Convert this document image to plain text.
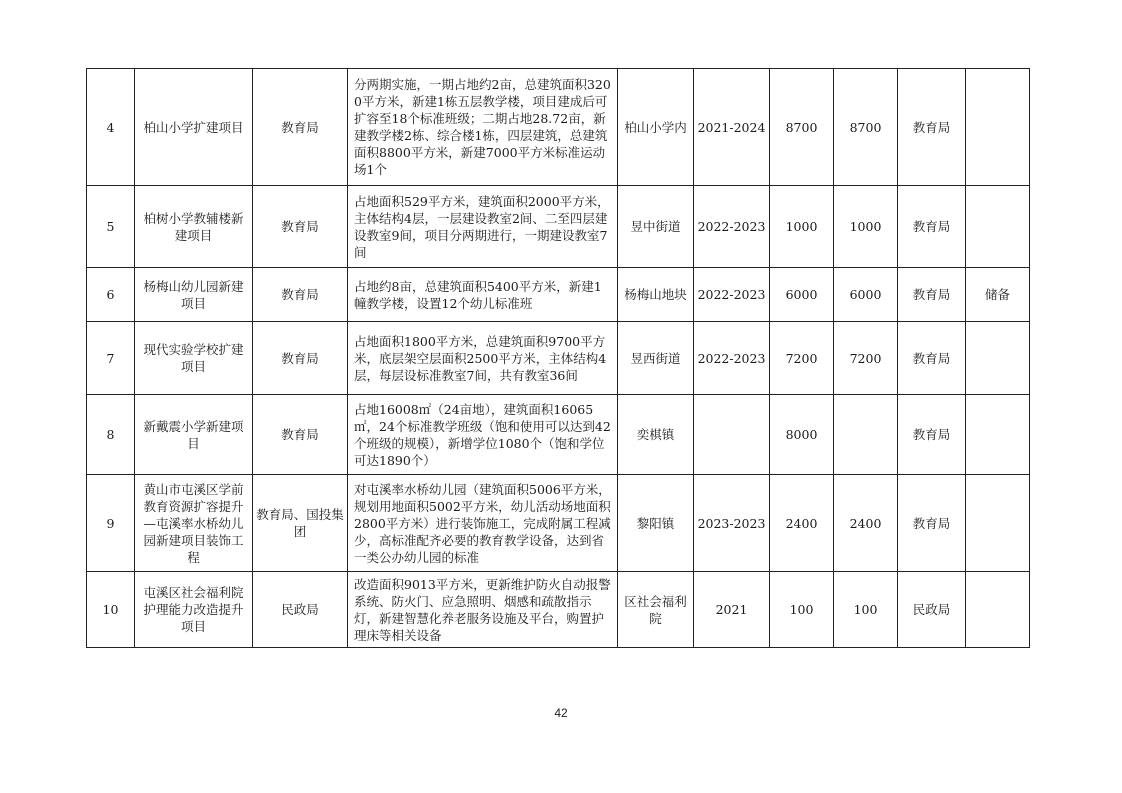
4	柏山小学扩建项目	教育局	分两期实施，一期占地约2亩，总建筑面积3200平方米，新建1栋五层教学楼，项目建成后可扩容至18个标准班级；二期占地28.72亩，新建教学楼2栋、综合楼1栋，四层建筑，总建筑面积8800平方米，新建7000平方米标准运动场1个	柏山小学内	2021-2024	8700	8700	教育局	
5	柏树小学教辅楼新建项目	教育局	占地面积529平方米，建筑面积2000平方米，主体结构4层，一层建设教室2间、二至四层建设教室9间，项目分两期进行，一期建设教室7间	昱中街道	2022-2023	1000	1000	教育局	
6	杨梅山幼儿园新建项目	教育局	占地约8亩，总建筑面积5400平方米，新建1幢教学楼，设置12个幼儿标准班	杨梅山地块	2022-2023	6000	6000	教育局	储备
7	现代实验学校扩建项目	教育局	占地面积1800平方米，总建筑面积9700平方米，底层架空层面积2500平方米，主体结构4层，每层设标准教室7间，共有教室36间	昱西街道	2022-2023	7200	7200	教育局	
8	新戴震小学新建项目	教育局	占地16008㎡（24亩地），建筑面积16065㎡，24个标准教学班级（饱和使用可以达到42个班级的规模），新增学位1080个（饱和学位可达1890个）	奕棋镇		8000		教育局	
9	黄山市屯溪区学前教育资源扩容提升—屯溪率水桥幼儿园新建项目装饰工程	教育局、国投集团	对屯溪率水桥幼儿园（建筑面积5006平方米，规划用地面积5002平方米，幼儿活动场地面积2800平方米）进行装饰施工，完成附属工程减少，高标准配齐必要的教育教学设备，达到省一类公办幼儿园的标准	黎阳镇	2023-2023	2400	2400	教育局	
10	屯溪区社会福利院护理能力改造提升项目	民政局	改造面积9013平方米，更新维护防火自动报警系统、防火门、应急照明、烟感和疏散指示灯，新建智慧化养老服务设施及平台，购置护理床等相关设备	区社会福利院	2021	100	100	民政局	
42
